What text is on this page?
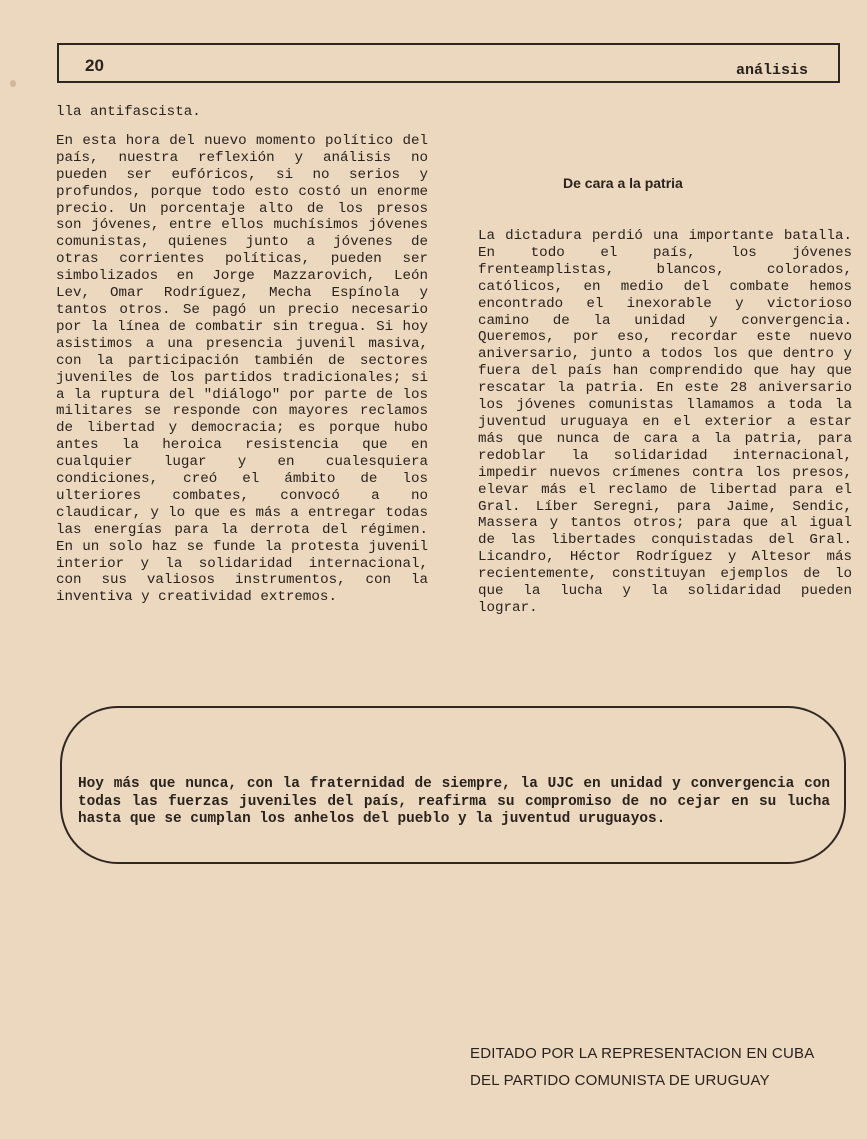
20	análisis

lla antifascista.

En esta hora del nuevo momento político del país, nuestra reflexión y análisis no pueden ser eufóricos, si no serios y profundos, porque todo esto costó un enorme precio. Un porcentaje alto de los presos son jóvenes, entre ellos muchísimos jóvenes comunistas, quienes junto a jóvenes de otras corrientes políticas, pueden ser simbolizados en Jorge Mazzarovich, León Lev, Omar Rodríguez, Mecha Espínola y tantos otros. Se pagó un precio necesario por la línea de combatir sin tregua. Si hoy asistimos a una presencia juvenil masiva, con la participación también de sectores juveniles de los partidos tradicionales; si a la ruptura del "diálogo" por parte de los militares se responde con mayores reclamos de libertad y democracia; es porque hubo antes la heroica resistencia que en cualquier lugar y en cualesquiera condiciones, creó el ámbito de los ulteriores combates, convocó a no claudicar, y lo que es más a entregar todas las energías para la derrota del régimen. En un solo haz se funde la protesta juvenil interior y la solidaridad internacional, con sus valiosos instrumentos, con la inventiva y creatividad extremos.

De cara a la patria

La dictadura perdió una importante batalla. En todo el país, los jóvenes frenteamplistas, blancos, colorados, católicos, en medio del combate hemos encontrado el inexorable y victorioso camino de la unidad y convergencia. Queremos, por eso, recordar este nuevo aniversario, junto a todos los que dentro y fuera del país han comprendido que hay que rescatar la patria. En este 28 aniversario los jóvenes comunistas llamamos a toda la juventud uruguaya en el exterior a estar más que nunca de cara a la patria, para redoblar la solidaridad internacional, impedir nuevos crímenes contra los presos, elevar más el reclamo de libertad para el Gral. Líber Seregni, para Jaime, Sendic, Massera y tantos otros; para que al igual de las libertades conquistadas del Gral. Licandro, Héctor Rodríguez y Altesor más recientemente, constituyan ejemplos de lo que la lucha y la solidaridad pueden lograr.

Hoy más que nunca, con la fraternidad de siempre, la UJC en unidad y convergencia con todas las fuerzas juveniles del país, reafirma su compromiso de no cejar en su lucha hasta que se cumplan los anhelos del pueblo y la juventud uruguayos.
EDITADO POR LA REPRESENTACION EN CUBA
DEL PARTIDO COMUNISTA DE URUGUAY
